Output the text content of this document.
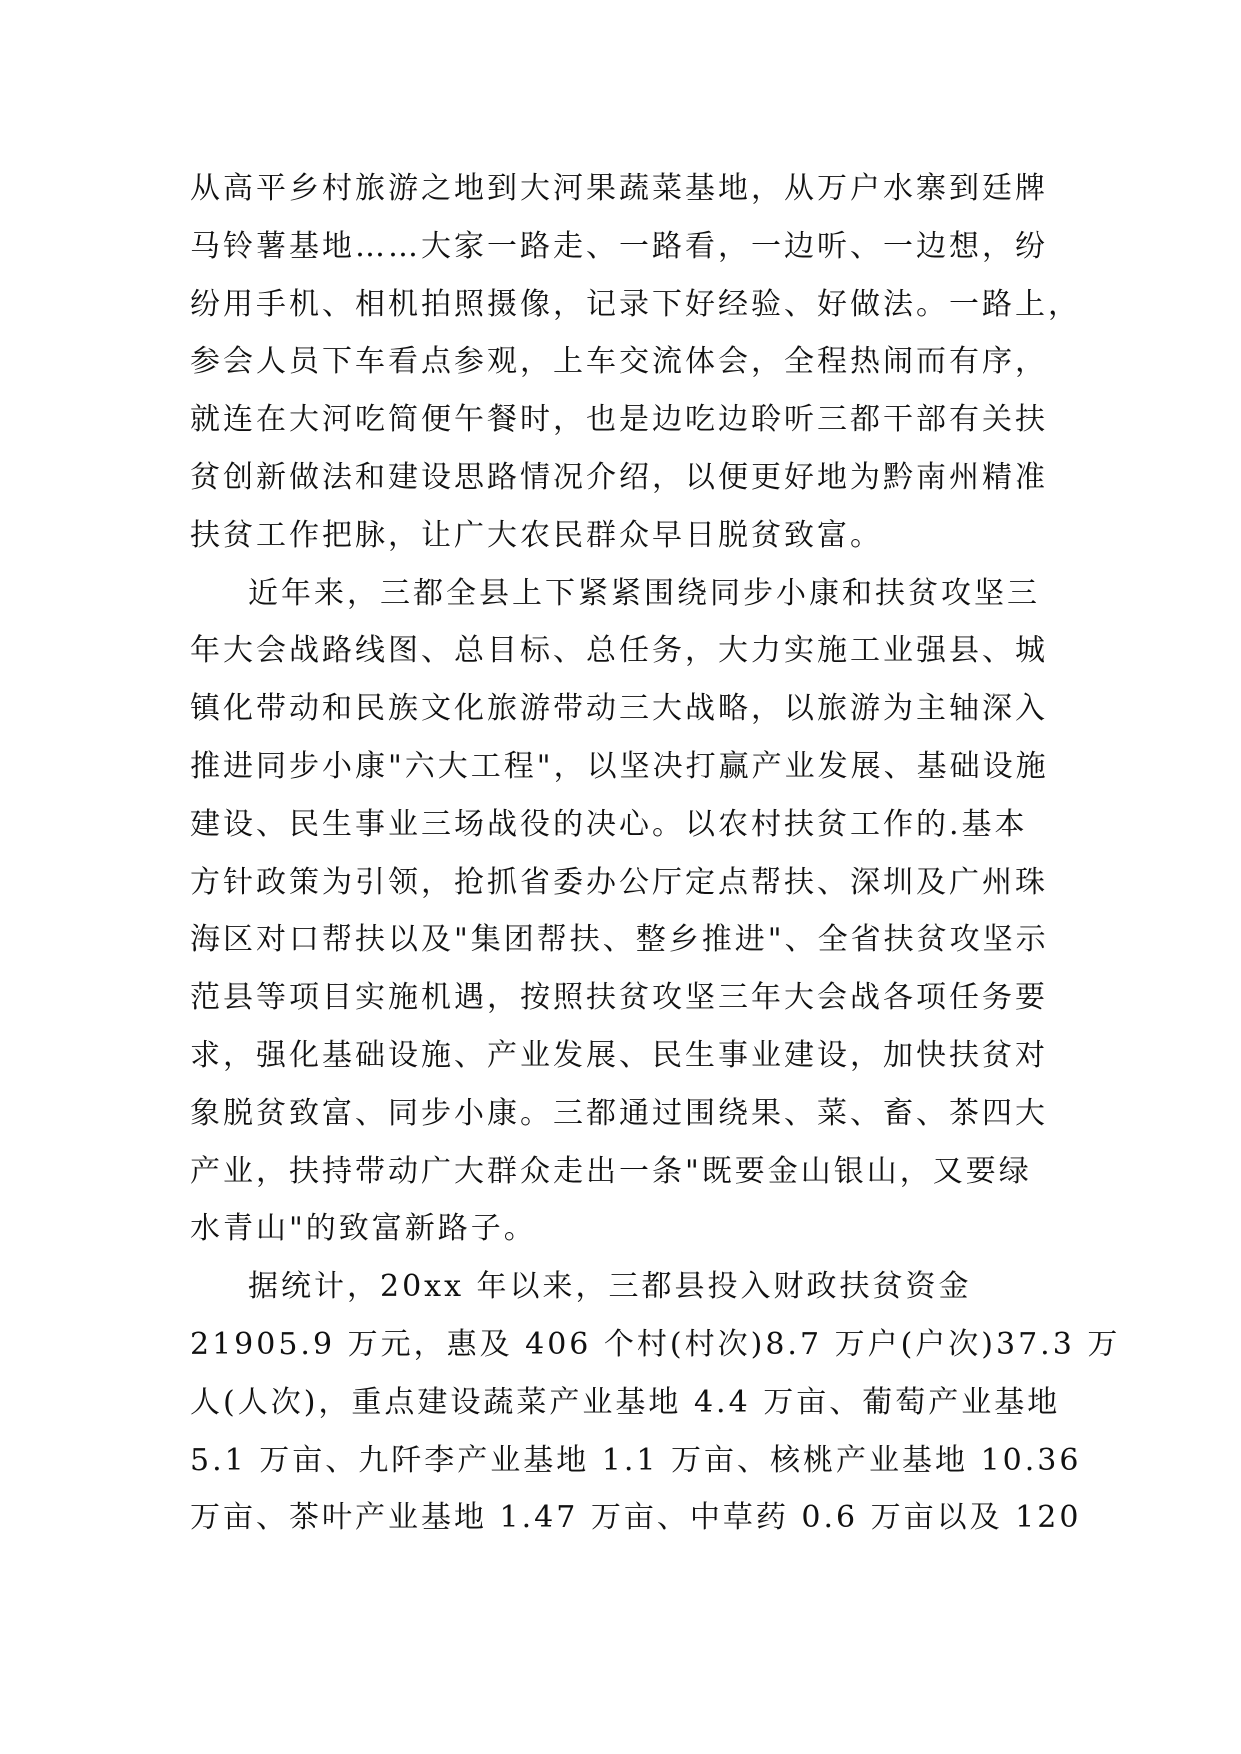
从高平乡村旅游之地到大河果蔬菜基地，从万户水寨到廷牌
马铃薯基地……大家一路走、一路看，一边听、一边想，纷
纷用手机、相机拍照摄像，记录下好经验、好做法。一路上，
参会人员下车看点参观，上车交流体会，全程热闹而有序，
就连在大河吃简便午餐时，也是边吃边聆听三都干部有关扶
贫创新做法和建设思路情况介绍，以便更好地为黔南州精准
扶贫工作把脉，让广大农民群众早日脱贫致富。
近年来，三都全县上下紧紧围绕同步小康和扶贫攻坚三
年大会战路线图、总目标、总任务，大力实施工业强县、城
镇化带动和民族文化旅游带动三大战略，以旅游为主轴深入
推进同步小康"六大工程"，以坚决打赢产业发展、基础设施
建设、民生事业三场战役的决心。以农村扶贫工作的.基本
方针政策为引领，抢抓省委办公厅定点帮扶、深圳及广州珠
海区对口帮扶以及"集团帮扶、整乡推进"、全省扶贫攻坚示
范县等项目实施机遇，按照扶贫攻坚三年大会战各项任务要
求，强化基础设施、产业发展、民生事业建设，加快扶贫对
象脱贫致富、同步小康。三都通过围绕果、菜、畜、茶四大
产业，扶持带动广大群众走出一条"既要金山银山，又要绿
水青山"的致富新路子。
据统计，20xx 年以来，三都县投入财政扶贫资金
21905.9 万元，惠及 406 个村(村次)8.7 万户(户次)37.3 万
人(人次)，重点建设蔬菜产业基地 4.4 万亩、葡萄产业基地
5.1 万亩、九阡李产业基地 1.1 万亩、核桃产业基地 10.36
万亩、茶叶产业基地 1.47 万亩、中草药 0.6 万亩以及 120
